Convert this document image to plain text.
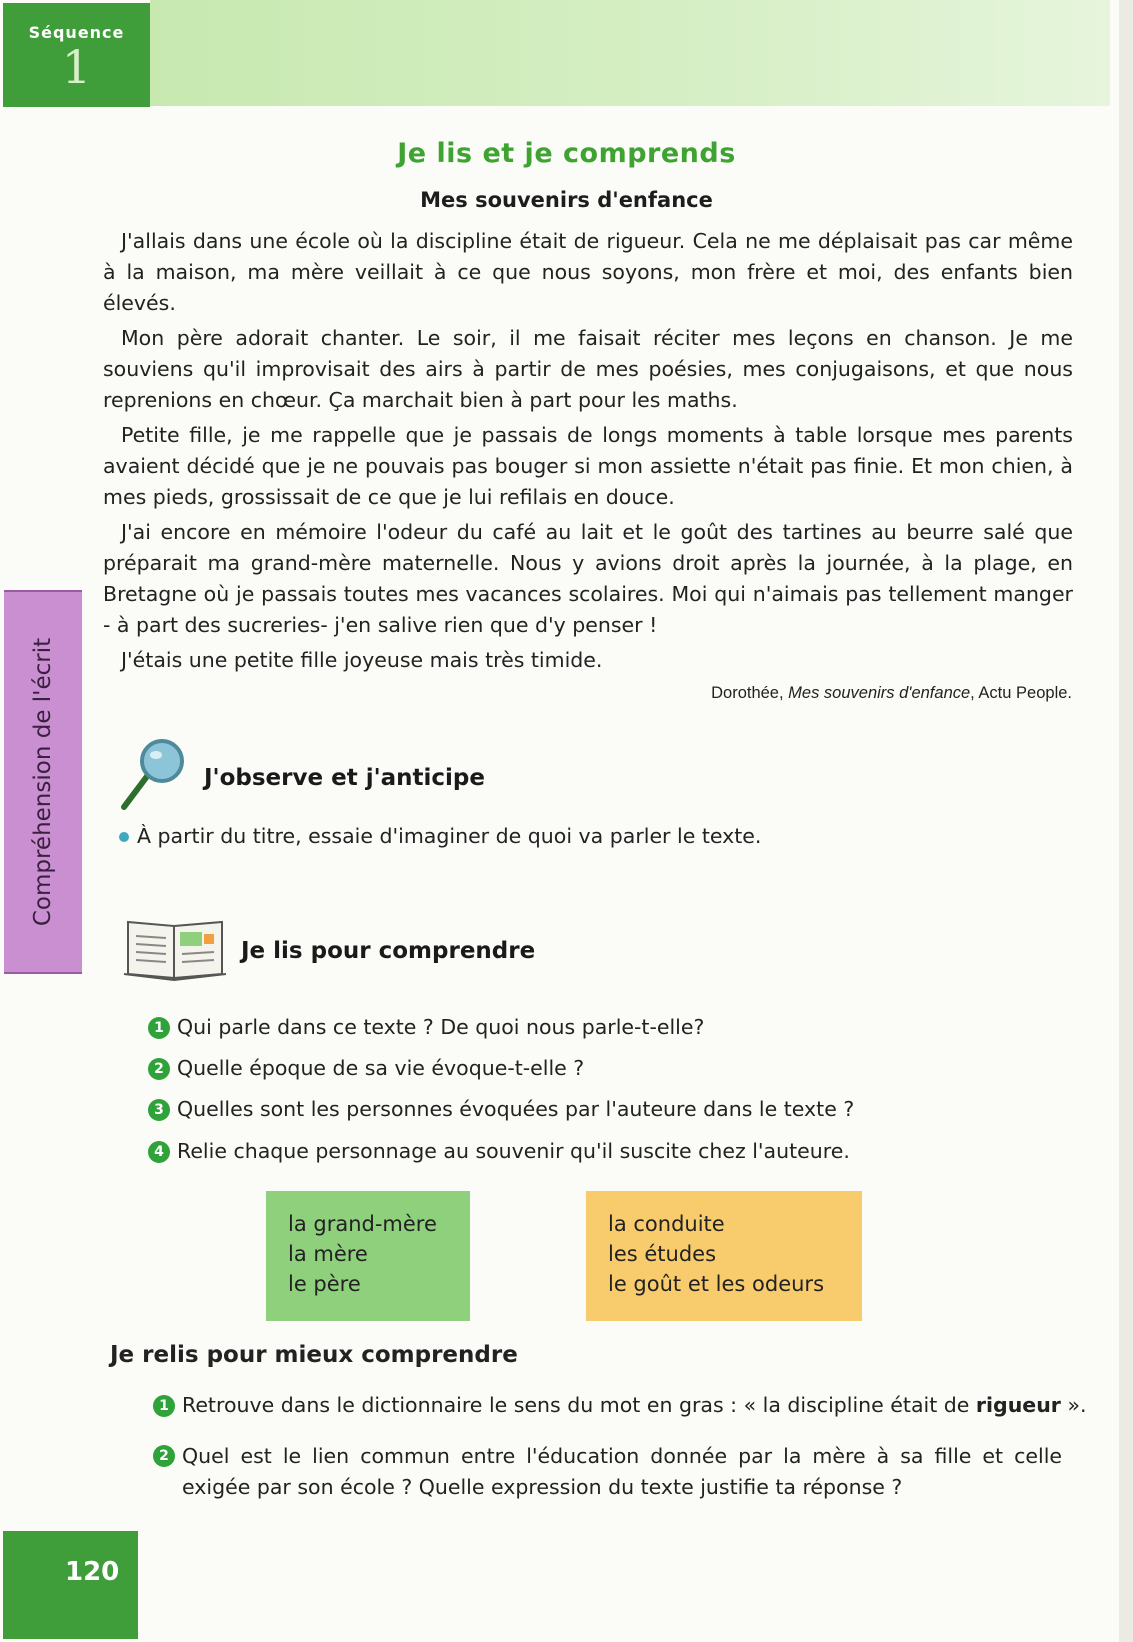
Séquence
1
Je lis et je comprends
Mes souvenirs d'enfance

J'allais dans une école où la discipline était de rigueur. Cela ne me déplaisait pas car même à la maison, ma mère veillait à ce que nous soyons, mon frère et moi, des enfants bien élevés.

Mon père adorait chanter. Le soir, il me faisait réciter mes leçons en chanson. Je me souviens qu'il improvisait des airs à partir de mes poésies, mes conjugaisons, et que nous reprenions en chœur. Ça marchait bien à part pour les maths.

Petite fille, je me rappelle que je passais de longs moments à table lorsque mes parents avaient décidé que je ne pouvais pas bouger si mon assiette n'était pas finie. Et mon chien, à mes pieds, grossissait de ce que je lui refilais en douce.

J'ai encore en mémoire l'odeur du café au lait et le goût des tartines au beurre salé que préparait ma grand-mère maternelle. Nous y avions droit après la journée, à la plage, en Bretagne où je passais toutes mes vacances scolaires. Moi qui n'aimais pas tellement manger - à part des sucreries- j'en salive rien que d'y penser !

J'étais une petite fille joyeuse mais très timide.

Dorothée, Mes souvenirs d'enfance, Actu People.
Compréhension de l'écrit	J'observe et j'anticipe
À partir du titre, essaie d'imaginer de quoi va parler le texte.
Je lis pour comprendre
1 Qui parle dans ce texte ? De quoi nous parle-t-elle?
2 Quelle époque de sa vie évoque-t-elle ?
3 Quelles sont les personnes évoquées par l'auteure dans le texte ?
4 Relie chaque personnage au souvenir qu'il suscite chez l'auteure.
la grand-mère
la mère
le père
la conduite
les études
le goût et les odeurs
Je relis pour mieux comprendre
1 Retrouve dans le dictionnaire le sens du mot en gras : « la discipline était de rigueur ».
2 Quel est le lien commun entre l'éducation donnée par la mère à sa fille et celle exigée par son école ? Quelle expression du texte justifie ta réponse ?
120
